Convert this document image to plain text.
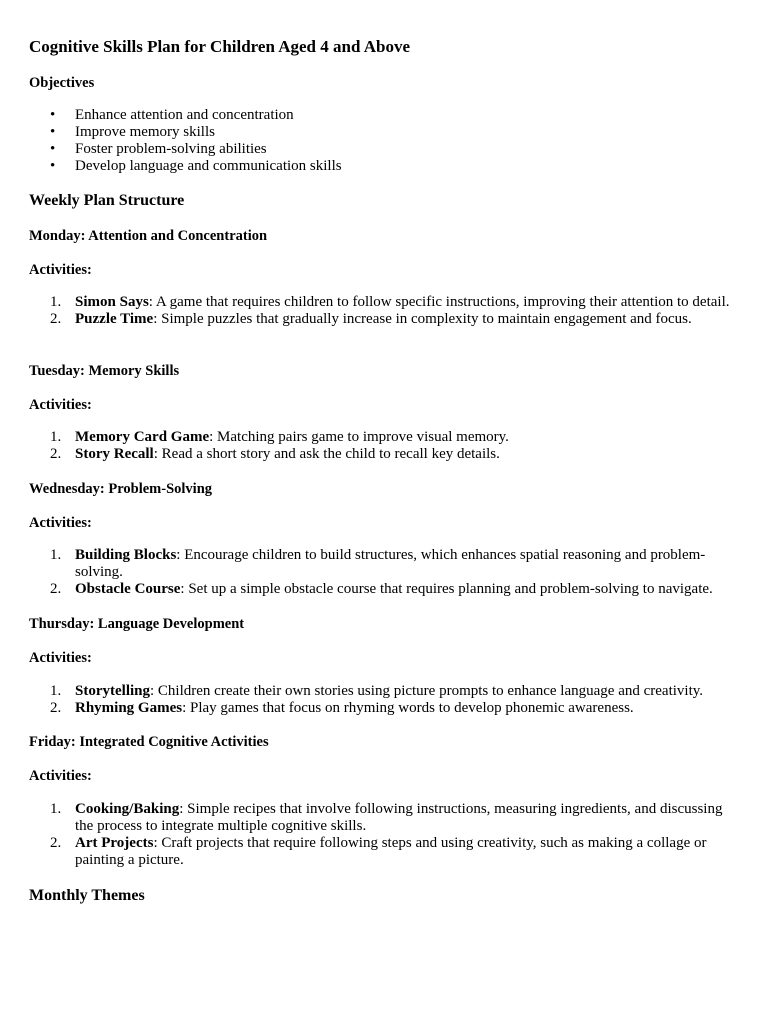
Cognitive Skills Plan for Children Aged 4 and Above
Objectives
• Enhance attention and concentration
• Improve memory skills
• Foster problem-solving abilities
• Develop language and communication skills
Weekly Plan Structure
Monday: Attention and Concentration
Activities:
1. Simon Says: A game that requires children to follow specific instructions, improving their attention to detail.
2. Puzzle Time: Simple puzzles that gradually increase in complexity to maintain engagement and focus.
Tuesday: Memory Skills
Activities:
1. Memory Card Game: Matching pairs game to improve visual memory.
2. Story Recall: Read a short story and ask the child to recall key details.
Wednesday: Problem-Solving
Activities:
1. Building Blocks: Encourage children to build structures, which enhances spatial reasoning and problem-solving.
2. Obstacle Course: Set up a simple obstacle course that requires planning and problem-solving to navigate.
Thursday: Language Development
Activities:
1. Storytelling: Children create their own stories using picture prompts to enhance language and creativity.
2. Rhyming Games: Play games that focus on rhyming words to develop phonemic awareness.
Friday: Integrated Cognitive Activities
Activities:
1. Cooking/Baking: Simple recipes that involve following instructions, measuring ingredients, and discussing the process to integrate multiple cognitive skills.
2. Art Projects: Craft projects that require following steps and using creativity, such as making a collage or painting a picture.
Monthly Themes
